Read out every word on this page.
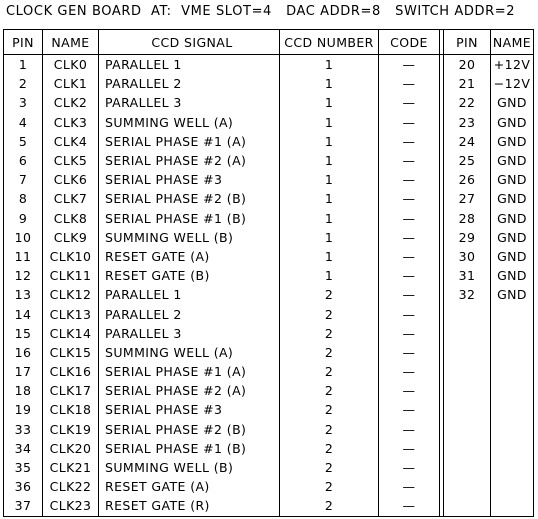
CLOCK GEN BOARD  AT:  VME SLOT=4   DAC ADDR=8   SWITCH ADDR=2
PIN	NAME	CCD SIGNAL	CCD NUMBER	CODE		PIN	NAME
1	CLK0	PARALLEL 1	1	—		20	+12V
2	CLK1	PARALLEL 2	1	—		21	−12V
3	CLK2	PARALLEL 3	1	—		22	GND
4	CLK3	SUMMING WELL (A)	1	—		23	GND
5	CLK4	SERIAL PHASE #1 (A)	1	—		24	GND
6	CLK5	SERIAL PHASE #2 (A)	1	—		25	GND
7	CLK6	SERIAL PHASE #3	1	—		26	GND
8	CLK7	SERIAL PHASE #2 (B)	1	—		27	GND
9	CLK8	SERIAL PHASE #1 (B)	1	—		28	GND
10	CLK9	SUMMING WELL (B)	1	—		29	GND
11	CLK10	RESET GATE (A)	1	—		30	GND
12	CLK11	RESET GATE (B)	1	—		31	GND
13	CLK12	PARALLEL 1	2	—		32	GND
14	CLK13	PARALLEL 2	2	—			
15	CLK14	PARALLEL 3	2	—			
16	CLK15	SUMMING WELL (A)	2	—			
17	CLK16	SERIAL PHASE #1 (A)	2	—			
18	CLK17	SERIAL PHASE #2 (A)	2	—			
19	CLK18	SERIAL PHASE #3	2	—			
33	CLK19	SERIAL PHASE #2 (B)	2	—			
34	CLK20	SERIAL PHASE #1 (B)	2	—			
35	CLK21	SUMMING WELL (B)	2	—			
36	CLK22	RESET GATE (A)	2	—			
37	CLK23	RESET GATE (R)	2	—			
